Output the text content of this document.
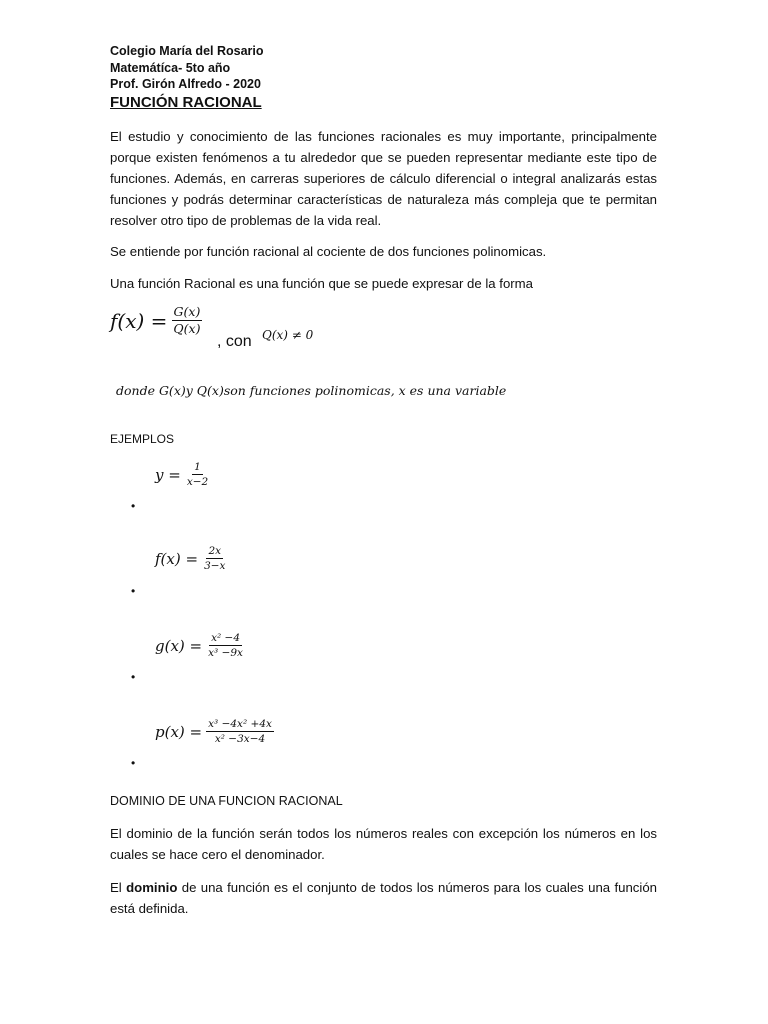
Colegio María del Rosario
Matemátíca- 5to año
Prof. Girón Alfredo - 2020
FUNCIÓN RACIONAL
El estudio y conocimiento de las funciones racionales es muy importante, principalmente porque existen fenómenos a tu alrededor que se pueden representar mediante este tipo de funciones. Además, en carreras superiores de cálculo diferencial o integral analizarás estas funciones y podrás determinar características de naturaleza más compleja que te permitan resolver otro tipo de problemas de la vida real.
Se entiende por función racional al cociente de dos funciones polinomicas.
Una función Racional es una función que se puede expresar de la forma
$f(x) = \frac{G(x)}{Q(x)}$
, con Q(x) ≠ 0
donde G(x)y Q(x)son funciones polinomicas, x es una variable
EJEMPLOS
$y = \frac{1}{x-2}$
•
$f(x) = \frac{2x}{3-x}$
•
$g(x) = \frac{\text{x² −4}}{\text{x³ −9x}}$
•
$p(x) = \frac{\text{x³ −4x² +4x}}{\text{x² −3x−4}}$
•
DOMINIO DE UNA FUNCION RACIONAL
El dominio de la función serán todos los números reales con excepción los números en los cuales se hace cero el denominador.
El dominio de una función es el conjunto de todos los números para los cuales una función está definida.
